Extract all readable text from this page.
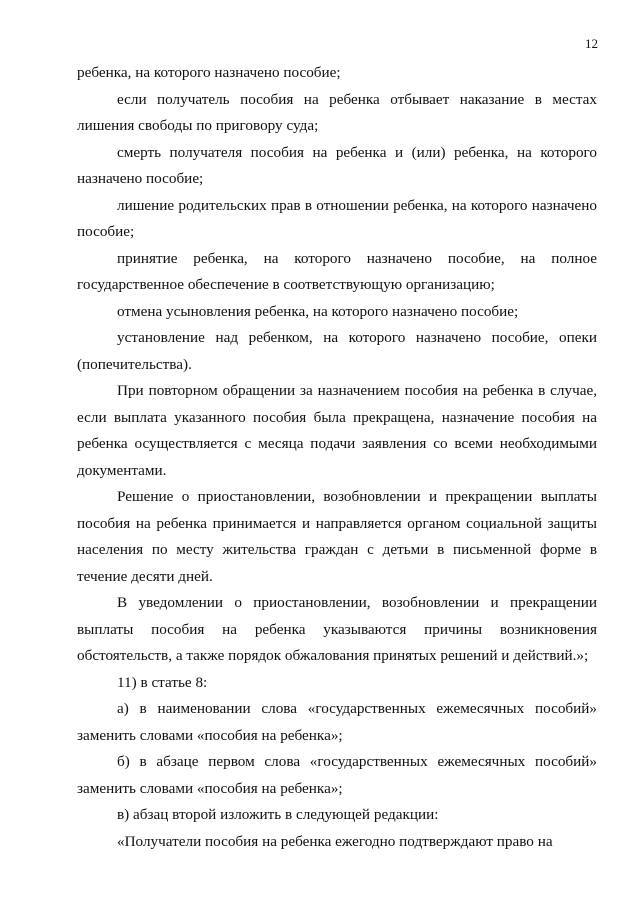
12

ребенка, на которого назначено пособие;

если получатель пособия на ребенка отбывает наказание в местах лишения свободы по приговору суда;

смерть получателя пособия на ребенка и (или) ребенка, на которого назначено пособие;

лишение родительских прав в отношении ребенка, на которого назначено пособие;

принятие ребенка, на которого назначено пособие, на полное государственное обеспечение в соответствующую организацию;

отмена усыновления ребенка, на которого назначено пособие;

установление над ребенком, на которого назначено пособие, опеки (попечительства).

При повторном обращении за назначением пособия на ребенка в случае, если выплата указанного пособия была прекращена, назначение пособия на ребенка осуществляется с месяца подачи заявления со всеми необходимыми документами.

Решение о приостановлении, возобновлении и прекращении выплаты пособия на ребенка принимается и направляется органом социальной защиты населения по месту жительства граждан с детьми в письменной форме в течение десяти дней.

В уведомлении о приостановлении, возобновлении и прекращении выплаты пособия на ребенка указываются причины возникновения обстоятельств, а также порядок обжалования принятых решений и действий.»;

11) в статье 8:

а) в наименовании слова «государственных ежемесячных пособий» заменить словами «пособия на ребенка»;

б) в абзаце первом слова «государственных ежемесячных пособий» заменить словами «пособия на ребенка»;

в) абзац второй изложить в следующей редакции:

«Получатели пособия на ребенка ежегодно подтверждают право на
